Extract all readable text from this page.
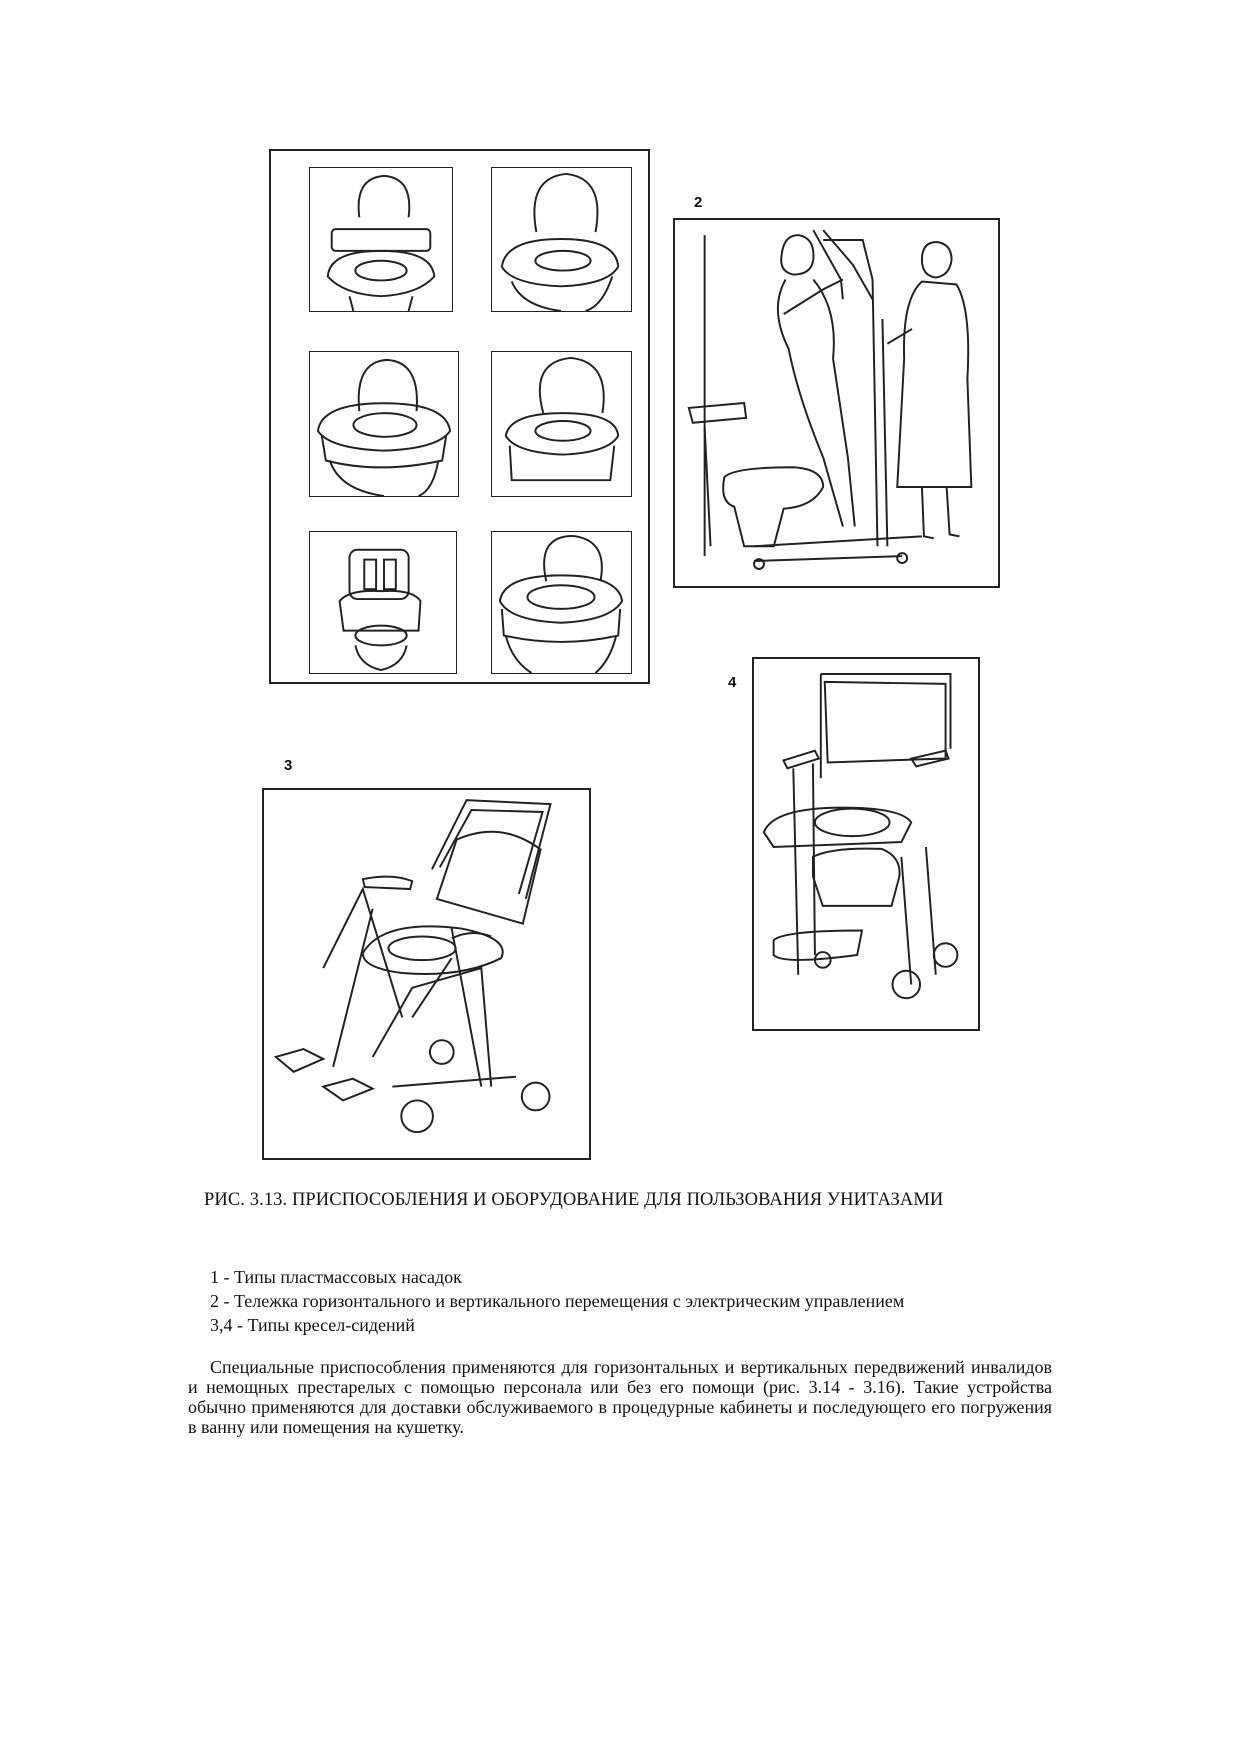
2
4
3
РИС. 3.13. ПРИСПОСОБЛЕНИЯ И ОБОРУДОВАНИЕ ДЛЯ ПОЛЬЗОВАНИЯ УНИТАЗАМИ
1 - Типы пластмассовых насадок
2 - Тележка горизонтального и вертикального перемещения с электрическим управлением
3,4 - Типы кресел-сидений
Специальные приспособления применяются для горизонтальных и вертикальных передвижений инвалидов и немощных престарелых с помощью персонала или без его помощи (рис. 3.14 - 3.16). Такие устройства обычно применяются для доставки обслуживаемого в процедурные кабинеты и последующего его погружения в ванну или помещения на кушетку.
